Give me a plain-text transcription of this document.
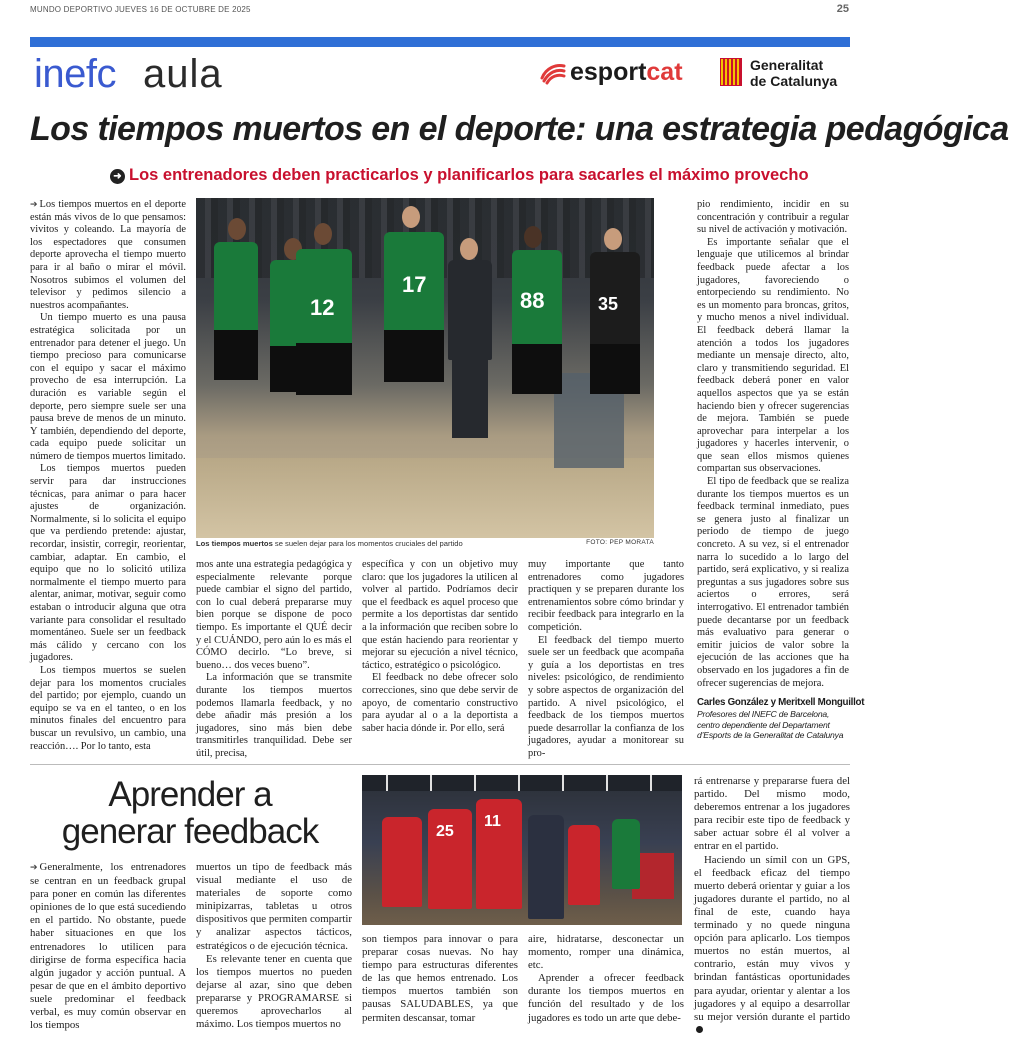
MUNDO DEPORTIVO JUEVES 16 DE OCTUBRE DE 2025	25
inefc aula	esportcat	Generalitat
de Catalunya
Los tiempos muertos en el deporte: una estrategia pedagógica
➜ Los entrenadores deben practicarlos y planificarlos para sacarles el máximo provecho

➔ Los tiempos muertos en el deporte están más vivos de lo que pensamos: vivitos y coleando. La mayoría de los espectadores que consumen deporte aprovecha el tiempo muerto para ir al baño o mirar el móvil. Nosotros subimos el volumen del televisor y pedimos silencio a nuestros acompañantes.

Un tiempo muerto es una pausa estratégica solicitada por un entrenador para detener el juego. Un tiempo precioso para comunicarse con el equipo y sacar el máximo provecho de esa interrupción. La duración es variable según el deporte, pero siempre suele ser una pausa breve de menos de un minuto. Y también, dependiendo del deporte, cada equipo puede solicitar un número de tiempos muertos limitado.

Los tiempos muertos pueden servir para dar instrucciones técnicas, para animar o para hacer ajustes de organización. Normalmente, si lo solicita el equipo que va perdiendo pretende: ajustar, recordar, insistir, corregir, reorientar, cambiar, adaptar. En cambio, el equipo que no lo solicitó utiliza normalmente el tiempo muerto para alentar, animar, motivar, seguir como estaban o introducir alguna que otra variante para consolidar el resultado momentáneo. Suele ser un feedback más cálido y cercano con los jugadores.

Los tiempos muertos se suelen dejar para los momentos cruciales del partido; por ejemplo, cuando un equipo se va en el tanteo, o en los minutos finales del encuentro para buscar un revulsivo, un cambio, una reacción…. Por lo tanto, esta

12
17
88	35
Los tiempos muertos se suelen dejar para los momentos cruciales del partido	FOTO: PEP MORATA

mos ante una estrategia pedagógica y especialmente relevante porque puede cambiar el signo del partido, con lo cual deberá prepararse muy bien porque se dispone de poco tiempo. Es importante el QUÉ decir y el CUÁNDO, pero aún lo es más el CÓMO decirlo. “Lo breve, si bueno… dos veces bueno”.

La información que se transmite durante los tiempos muertos podemos llamarla feedback, y no debe añadir más presión a los jugadores, sino más bien debe transmitirles tranquilidad. Debe ser útil, precisa,

específica y con un objetivo muy claro: que los jugadores la utilicen al volver al partido. Podríamos decir que el feedback es aquel proceso que permite a los deportistas dar sentido a la información que reciben sobre lo que están haciendo para reorientar y mejorar su ejecución a nivel técnico, táctico, estratégico o psicológico.

El feedback no debe ofrecer solo correcciones, sino que debe servir de apoyo, de comentario constructivo para ayudar al o a la deportista a saber hacia dónde ir. Por ello, será

muy importante que tanto entrenadores como jugadores practiquen y se preparen durante los entrenamientos sobre cómo brindar y recibir feedback para integrarlo en la competición.

El feedback del tiempo muerto suele ser un feedback que acompaña y guía a los deportistas en tres niveles: psicológico, de rendimiento y sobre aspectos de organización del partido. A nivel psicológico, el feedback de los tiempos muertos puede desarrollar la confianza de los jugadores, ayudar a monitorear su pro-

pio rendimiento, incidir en su concentración y contribuir a regular su nivel de activación y motivación.

Es importante señalar que el lenguaje que utilicemos al brindar feedback puede afectar a los jugadores, favoreciendo o entorpeciendo su rendimiento. No es un momento para broncas, gritos, y mucho menos a nivel individual. El feedback deberá llamar la atención a todos los jugadores mediante un mensaje directo, alto, claro y transmitiendo seguridad. El feedback deberá poner en valor aquellos aspectos que ya se están haciendo bien y ofrecer sugerencias de mejora. También se puede aprovechar para interpelar a los jugadores y hacerles intervenir, o que sean ellos mismos quienes compartan sus observaciones.

El tipo de feedback que se realiza durante los tiempos muertos es un feedback terminal inmediato, pues se genera justo al finalizar un periodo de tiempo de juego concreto. A su vez, si el entrenador narra lo sucedido a lo largo del partido, será explicativo, y si realiza preguntas a sus jugadores sobre sus aciertos o errores, será interrogativo. El entrenador también puede decantarse por un feedback más evaluativo para generar o emitir juicios de valor sobre la ejecución de las acciones que ha observado en los jugadores a fin de ofrecer sugerencias de mejora.

Carles González y Meritxell Monguillot
Profesores del INEFC de Barcelona, centro dependiente del Departament d’Esports de la Generalitat de Catalunya
Aprender a
generar feedback

➔ Generalmente, los entrenadores se centran en un feedback grupal para poner en común las diferentes opiniones de lo que está sucediendo en el partido. No obstante, puede haber situaciones en que los entrenadores lo utilicen para dirigirse de forma específica hacia algún jugador y acción puntual. A pesar de que en el ámbito deportivo suele predominar el feedback verbal, es muy común observar en los tiempos

muertos un tipo de feedback más visual mediante el uso de materiales de soporte como minipizarras, tabletas u otros dispositivos que permiten compartir y analizar aspectos tácticos, estratégicos o de ejecución técnica.

Es relevante tener en cuenta que los tiempos muertos no pueden dejarse al azar, sino que deben prepararse y PROGRAMARSE si queremos aprovecharlos al máximo. Los tiempos muertos no

25
11

son tiempos para innovar o para preparar cosas nuevas. No hay tiempo para estructuras diferentes de las que hemos entrenado. Los tiempos muertos también son pausas SALUDABLES, ya que permiten descansar, tomar

aire, hidratarse, desconectar un momento, romper una dinámica, etc.

Aprender a ofrecer feedback durante los tiempos muertos en función del resultado y de los jugadores es todo un arte que debe-

rá entrenarse y prepararse fuera del partido. Del mismo modo, deberemos entrenar a los jugadores para recibir este tipo de feedback y saber actuar sobre él al volver a entrar en el partido.

Haciendo un símil con un GPS, el feedback eficaz del tiempo muerto deberá orientar y guiar a los jugadores durante el partido, no al final de este, cuando haya terminado y no quede ninguna opción para aplicarlo. Los tiempos muertos no están muertos, al contrario, están muy vivos y brindan fantásticas oportunidades para ayudar, orientar y alentar a los jugadores y al equipo a desarrollar su mejor versión durante el partido
